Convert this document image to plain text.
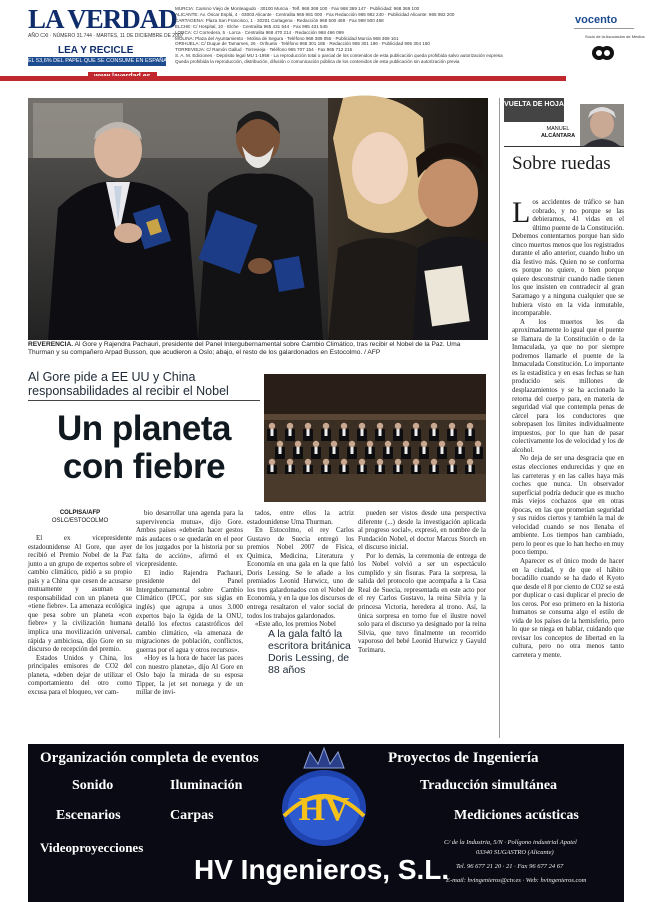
LA VERDAD
AÑO CXI · NÚMERO 31.744 · MARTES, 11 DE DICIEMBRE DE 2007
LEA Y RECICLE
EL 53,6% DEL PAPEL QUE SE CONSUME EN ESPAÑA ES RECICLADO
MURCIA: Camino Viejo de Monteagudo · 30100 Murcia · Telf. 968 369 100 · Fax 968 369 147 · Publicidad: 968 369 100
ALICANTE: Av. Óscar Esplá, 4 · 03003 Alicante · Centralita 965 981 000 · Fax Redacción 965 982 240 · Publicidad Alicante: 965 982 200
CARTAGENA: Plaza San Francisco, 1 · 30201 Cartagena · Redacción 968 500 469 · Fax 968 500 468
ELCHE: C/ Hospital, 10 · Elche · Centralita 965 431 544 · Fax 965 431 545
LORCA: C/ Corredera, 5 · Lorca · Centralita 968 470 214 · Redacción 968 466 099
MOLINA: Plaza del Ayuntamiento · Molina de Segura · Teléfono 968 389 055 · Publicidad Murcia 968 369 161
ORIHUELA: C/ Duque de Tamames, 26 · Orihuela · Teléfono 965 301 185 · Redacción 965 301 196 · Publicidad 965 304 150
TORREVIEJA: C/ Ramón Gallud · Torrevieja · Teléfono 965 707 154 · Fax 965 712 215
S. A. M. Ediciones · Depósito legal MU 1-1958 · La reproducción total o parcial de los contenidos de esta publicación queda prohibida salvo autorización expresa
Queda prohibida la reproducción, distribución, difusión o comunicación pública de los contenidos de esta publicación sin autorización previa
vocento
Socio de la Asociación de Medios
REVERENCIA. Al Gore y Rajendra Pachauri, presidente del Panel Intergubernamental sobre Cambio Climático, tras recibir el Nobel de la Paz. Uma Thurman y su compañero Arpad Busson, que acudieron a Oslo; abajo, el resto de los galardonados en Estocolmo. / AFP
Al Gore pide a EE UU y China responsabilidades al recibir el Nobel
Un planeta con fiebre
COLPISA/AFP
OSLC/ESTOCOLMO

El ex vicepresidente estadounidense Al Gore, que ayer recibió el Premio Nobel de la Paz junto a un grupo de expertos sobre el cambio climático, pidió a su propio país y a China que cesen de acusarse mutuamente y asuman su responsabilidad con un planeta que «tiene fiebre». La amenaza ecológica que pesa sobre un planeta «con fiebre» y la civilización humana implica una movilización universal, rápida y ambiciosa, dijo Gore en su discurso de recepción del premio.

Estados Unidos y China, los principales emisores de CO2 del planeta, «deben dejar de utilizar el comportamiento del otro como excusa para el bloqueo, ver cam-

bio desarrollar una agenda para la supervivencia mutua», dijo Gore. Ambos países «deberán hacer gestos más audaces o se quedarán en el peor de los juzgados por la historia por su falta de acción», afirmó el ex vicepresidente.

El indio Rajendra Pachauri, presidente del Panel Intergubernamental sobre Cambio Climático (IPCC, por sus siglas en inglés) que agrupa a unos 3.000 expertos bajo la égida de la ONU, detalló los efectos catastróficos del cambio climático, «la amenaza de migraciones de población, conflictos, guerras por el agua y otros recursos».

«Hoy es la hora de hacer las paces con nuestro planeta», dijo Al Gore en Oslo bajo la mirada de su esposa Tipper, la jet set noruega y de un millar de invi-

tados, entre ellos la actriz estadounidense Uma Thurman.

En Estocolmo, el rey Carlos Gustavo de Suecia entregó los premios Nobel 2007 de Física, Química, Medicina, Literatura y Economía en una gala en la que faltó Doris Lessing. Se le añade a los premiados Leonid Hurwicz, uno de los tres galardonados con el Nobel de Economía, y en la que los discursos de entrega resaltaron el valor social de todos los trabajos galardonados.

«Este año, los premios Nobel

A la gala faltó la escritora británica Doris Lessing, de 88 años

pueden ser vistos desde una perspectiva diferente (...) desde la investigación aplicada al progreso social», expresó, en nombre de la Fundación Nobel, el doctor Marcus Storch en el discurso inicial.

Por lo demás, la ceremonia de entrega de los Nobel volvió a ser un espectáculo cumplido y sin fisuras. Para la sorpresa, la salida del protocolo que acompaña a la Casa Real de Suecia, representada en este acto por el rey Carlos Gustavo, la reina Silvia y la princesa Victoria, heredera al trono. Así, la única sorpresa en torno fue el ilustre novel solo para el discurso ya designado por la reina Silvia, que tuvo finalmente un recorrido vaporoso del bebé Leonid Hurwicz y Gayuld Torimaru.

VUELTA DE HOJA
MANUEL
ALCÁNTARA
Sobre ruedas

Los accidentes de tráfico se han cobrado, y no porque se las debieramos, 41 vidas en el último puente de la Constitución. Debemos contentarnos porque han sido cinco muertos menos que los registrados durante el año anterior, cuando hubo un día festivo más. Quien no se conforma es porque no quiere, o bien porque quiere desconstruir cuando nadie tienen los que insisten en contradecir al gran Saramago y a ninguna cualquier que se hubiera visto en la vida inmutable, incomparable.

A los muertos les da aproximadamente lo igual que el puente se llamara de la Constitución o de la Inmaculada, ya que no por siempre podremos llamarle el puente de la Inmaculada Constitución. Lo importante es la estadística y en esas fechas se han producido seis millones de desplazamientos y se ha accionado la retorna del cuerpo para, en materia de seguridad vial que contempla penas de cárcel para los conductores que sobrepasen los límites individualmente impuestos, por lo que han de pasar colectivamente los de velocidad y los de alcohol.

No deja de ser una desgracia que en estas elecciones endurecidas y que en las carreteras y en las calles haya más coches que nunca. Un observador superficial podría deducir que es mucho más viejos cochazos que en otras épocas, en las que prometían seguridad y sus ruidos ciertos y también la mal de velocidad cuando se nos llenaba el ambiente. Los tiempos han cambiado, pero lo peor es que lo han hecho en muy poco tiempo.

Aparecer es el único modo de hacer en la ciudad, y de que el hábito bocadillo cuando se ha dado el Kyoto que desde el 8 por ciento de CO2 se está por duplicar o casi duplicar el precio de los ceros. Por eso primero en la historia humanos se consuma algo el estilo de vida de los países de la hemisferio, pero lo que se niega en hablar, cuidando que revisar los conceptos de libertad en la cultura, pero no otra menos tanto carretera y mente.

Organización completa de eventos	Proyectos de Ingeniería
Sonido	Iluminación	Traducción simultánea
Escenarios	Carpas	Mediciones acústicas
Videoproyecciones
HV Ingenieros, S.L.
HV
C/ de la Industria, 5/N · Polígono industrial Apatel
03340 SUGASTRO (Alicante)
Tel. 96 677 21 20 · 21 · Fax 96 677 24 67
E-mail: hvingenieros@ctv.es · Web: hvingenieros.com
